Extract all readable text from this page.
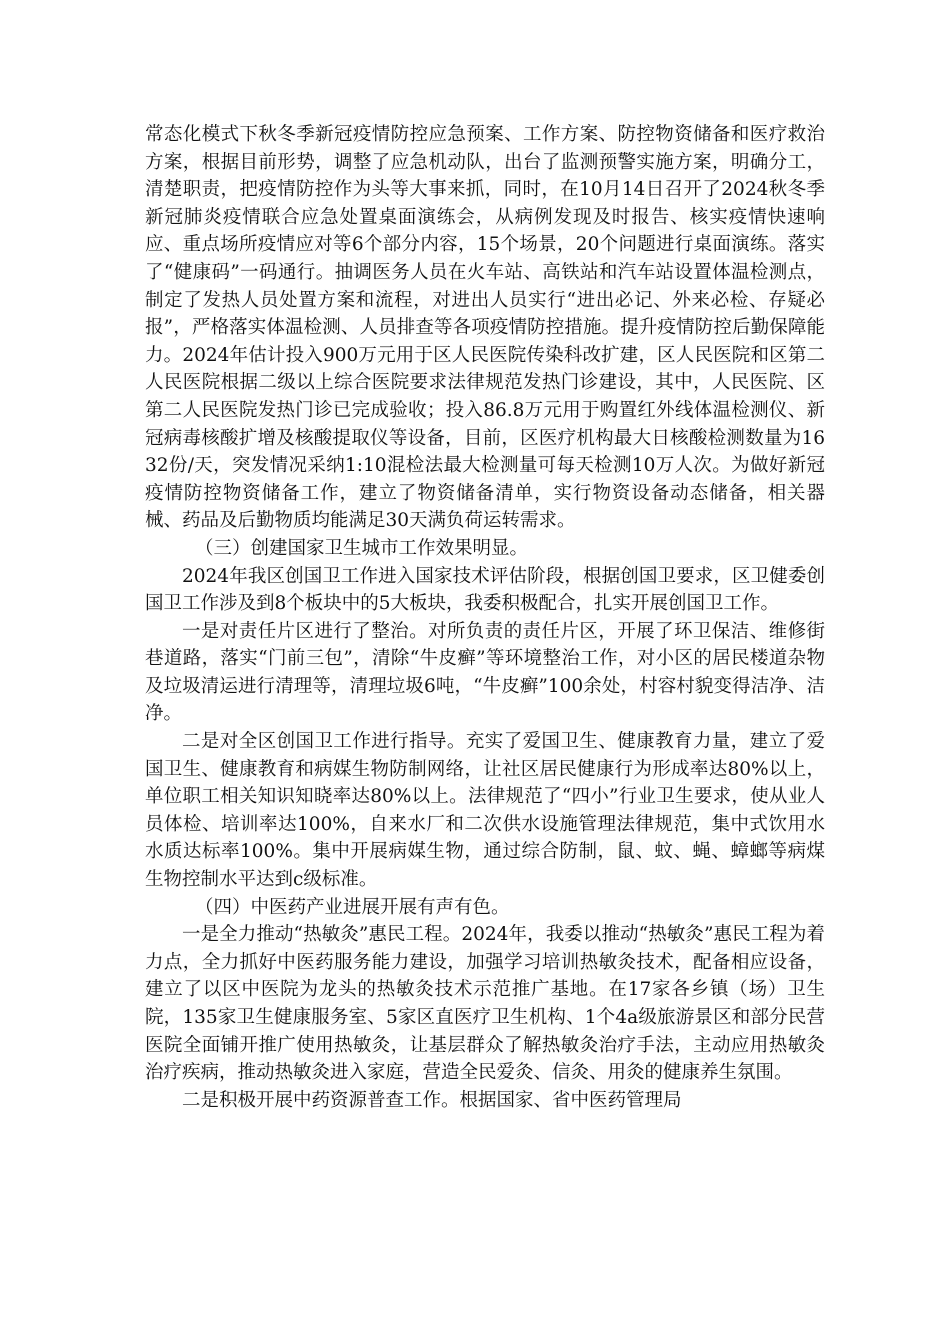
常态化模式下秋冬季新冠疫情防控应急预案、工作方案、防控物资储备和医疗救治方案，根据目前形势，调整了应急机动队，出台了监测预警实施方案，明确分工，清楚职责，把疫情防控作为头等大事来抓，同时，在10月14日召开了2024秋冬季新冠肺炎疫情联合应急处置桌面演练会，从病例发现及时报告、核实疫情快速响应、重点场所疫情应对等6个部分内容，15个场景，20个问题进行桌面演练。落实了“健康码”一码通行。抽调医务人员在火车站、高铁站和汽车站设置体温检测点，制定了发热人员处置方案和流程，对进出人员实行“进出必记、外来必检、存疑必报”，严格落实体温检测、人员排查等各项疫情防控措施。提升疫情防控后勤保障能力。2024年估计投入900万元用于区人民医院传染科改扩建，区人民医院和区第二人民医院根据二级以上综合医院要求法律规范发热门诊建设，其中，人民医院、区第二人民医院发热门诊已完成验收；投入86.8万元用于购置红外线体温检测仪、新冠病毒核酸扩增及核酸提取仪等设备，目前，区医疗机构最大日核酸检测数量为1632份/天，突发情况采纳1:10混检法最大检测量可每天检测10万人次。为做好新冠疫情防控物资储备工作，建立了物资储备清单，实行物资设备动态储备，相关器械、药品及后勤物质均能满足30天满负荷运转需求。

（三）创建国家卫生城市工作效果明显。

2024年我区创国卫工作进入国家技术评估阶段，根据创国卫要求，区卫健委创国卫工作涉及到8个板块中的5大板块，我委积极配合，扎实开展创国卫工作。

一是对责任片区进行了整治。对所负责的责任片区，开展了环卫保洁、维修街巷道路，落实“门前三包”，清除“牛皮癣”等环境整治工作，对小区的居民楼道杂物及垃圾清运进行清理等，清理垃圾6吨，“牛皮癣”100余处，村容村貌变得洁净、洁净。

二是对全区创国卫工作进行指导。充实了爱国卫生、健康教育力量，建立了爱国卫生、健康教育和病媒生物防制网络，让社区居民健康行为形成率达80%以上，单位职工相关知识知晓率达80%以上。法律规范了“四小”行业卫生要求，使从业人员体检、培训率达100%，自来水厂和二次供水设施管理法律规范，集中式饮用水水质达标率100%。集中开展病媒生物，通过综合防制，鼠、蚊、蝇、蟑螂等病煤生物控制水平达到c级标准。

（四）中医药产业进展开展有声有色。

一是全力推动“热敏灸”惠民工程。2024年，我委以推动“热敏灸”惠民工程为着力点，全力抓好中医药服务能力建设，加强学习培训热敏灸技术，配备相应设备，建立了以区中医院为龙头的热敏灸技术示范推广基地。在17家各乡镇（场）卫生院，135家卫生健康服务室、5家区直医疗卫生机构、1个4a级旅游景区和部分民营医院全面铺开推广使用热敏灸，让基层群众了解热敏灸治疗手法，主动应用热敏灸治疗疾病，推动热敏灸进入家庭，营造全民爱灸、信灸、用灸的健康养生氛围。

二是积极开展中药资源普查工作。根据国家、省中医药管理局
